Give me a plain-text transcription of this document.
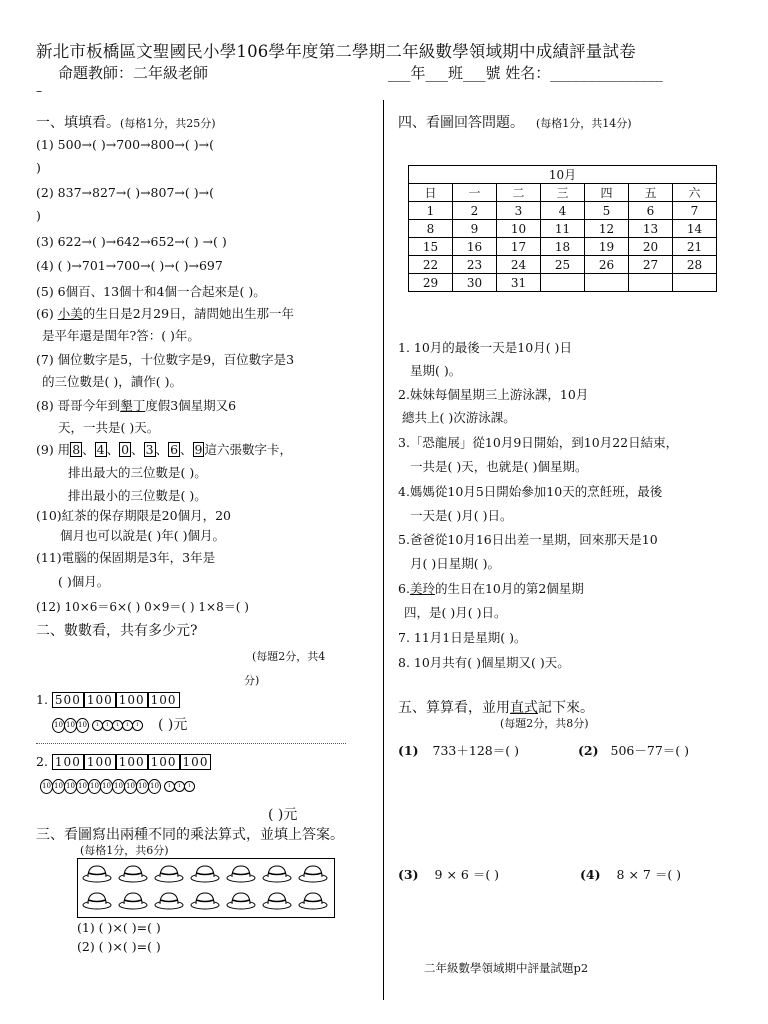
新北市板橋區文聖國民小學106學年度第二學期二年級數學領域期中成績評量試卷
命題教師：二年級老師	___年___班___號 姓名：_______________
–
一、填填看。(每格1分，共25分)
(1) 500→( )→700→800→( )→(
)
(2) 837→827→( )→807→( )→(
)
(3) 622→( )→642→652→( ) →( )
(4) ( )→701→700→( )→( )→697
(5) 6個百、13個十和4個一合起來是( )。
(6) 小美的生日是2月29日，請問她出生那一年
是平年還是閏年?答：( )年。
(7) 個位數字是5，十位數字是9，百位數字是3
的三位數是( )，讀作( )。
(8) 哥哥今年到墾丁度假3個星期又6
天，一共是( )天。
(9) 用 8 、 4 、 0 、 3 、 6 、 9 這六張數字卡，
排出最大的三位數是( )。
排出最小的三位數是( )。
(10)紅茶的保存期限是20個月，20
個月也可以說是( )年( )個月。
(11)電腦的保固期是3年，3年是
( )個月。
(12) 10×6＝6×( ) 0×9＝( ) 1×8＝( )
二、數數看，共有多少元?
(每題2分，共4
分)
1. 500 100 100 100
10 10 10 1 1 1 1 1 ( )元
2. 100 100 100 100 100
10 10 10 10 10 10 10 10 10 10 1 1 1
( )元
三、看圖寫出兩種不同的乘法算式，並填上答案。
(每格1分，共6分)
(1) ( )×( )=( )
(2) ( )×( )=( )
四、看圖回答問題。 (每格1分，共14分)
10月						
日	一	二	三	四	五	六
1	2	3	4	5	6	7
8	9	10	11	12	13	14
15	16	17	18	19	20	21
22	23	24	25	26	27	28
29	30	31				
1. 10月的最後一天是10月( )日
星期( )。
2.妹妹每個星期三上游泳課，10月
總共上( )次游泳課。
3.「恐龍展」從10月9日開始，到10月22日結束，
一共是( )天，也就是( )個星期。
4.媽媽從10月5日開始參加10天的烹飪班，最後
一天是( )月( )日。
5.爸爸從10月16日出差一星期，回來那天是10
月( )日星期( )。
6.美玲的生日在10月的第2個星期
四，是( )月( )日。
7. 11月1日是星期( )。
8. 10月共有( )個星期又( )天。
五、算算看，並用直式記下來。
(每題2分，共8分)
(1) 733＋128＝( )	(2) 506－77＝( )
(3) 9 × 6 ＝( )	(4) 8 × 7 ＝( )
二年級數學領域期中評量試題p2
